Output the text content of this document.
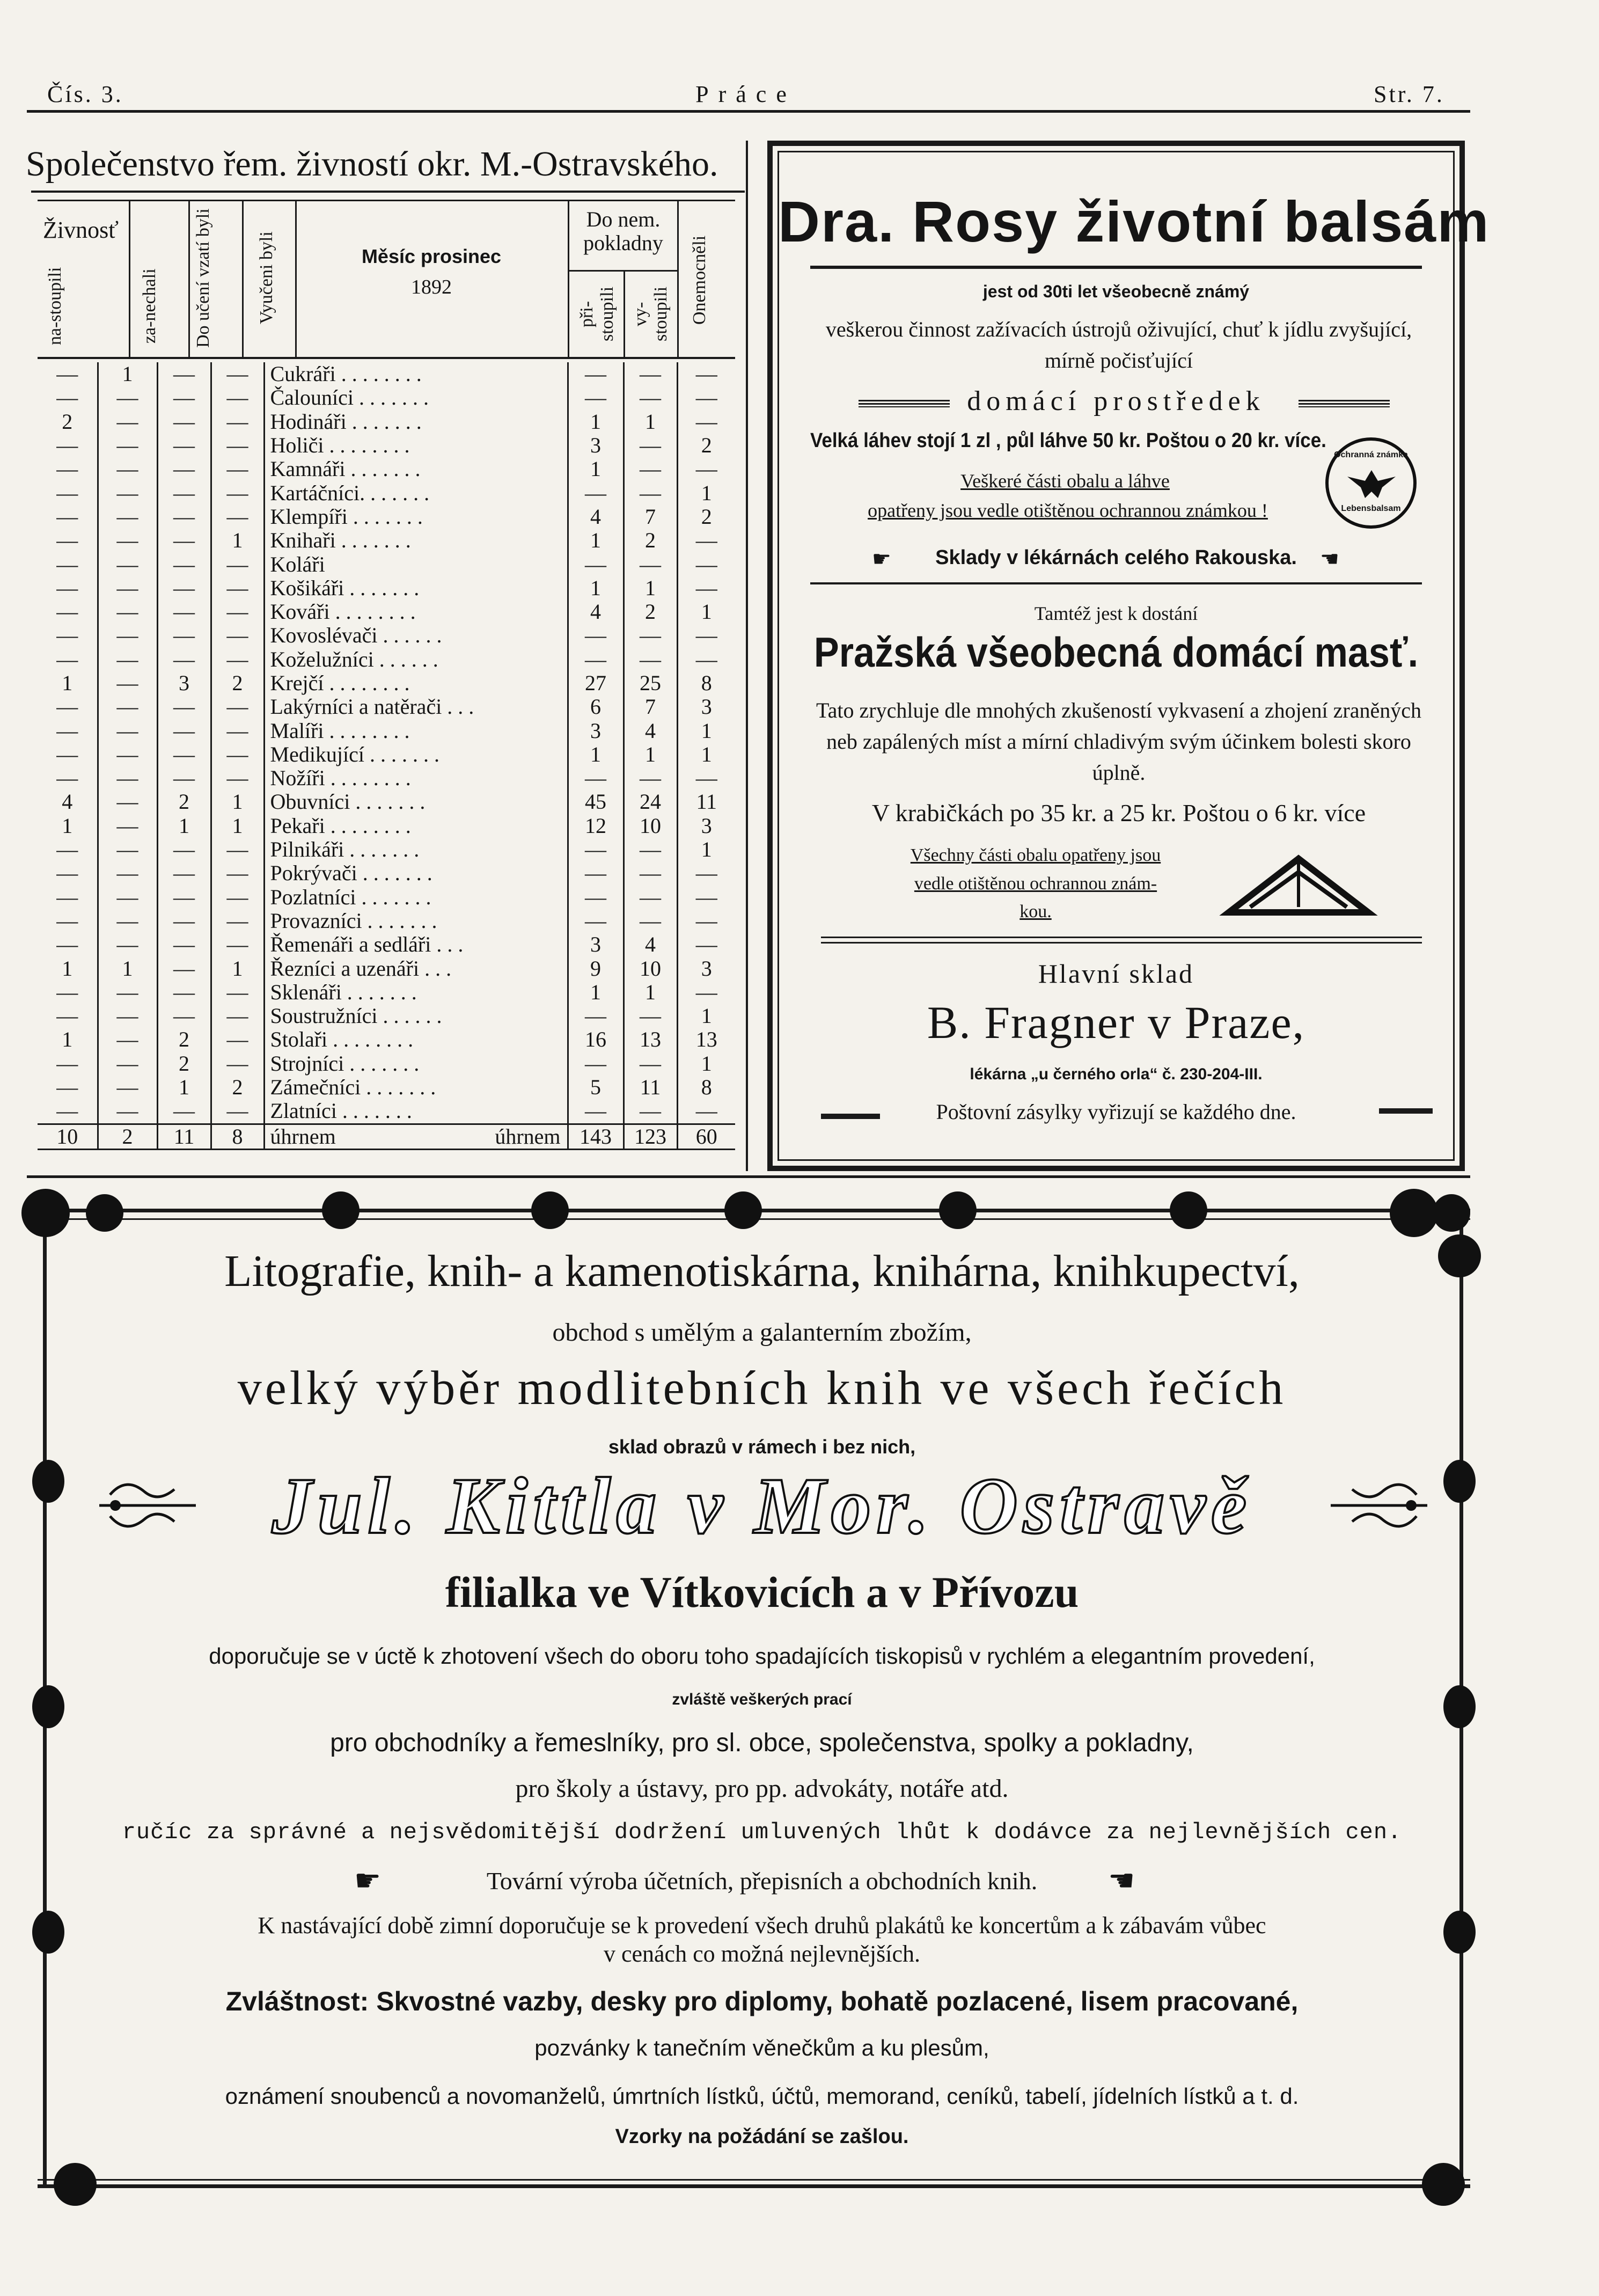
Čís. 3.	Práce	Str. 7.
Společenstvo řem. živností okr. M.-Ostravského.
Živnosť
na-stoupili	za-nechali	Do učení vzatí byli	Vyučeni byli	Měsíc prosinec
1892
Do nem. pokladny
při-stoupili vy-stoupili Onemocněli
—	1	—	—	Cukráři . . . . . . . .	—	—	—
—	—	—	—	Čalouníci . . . . . . .	—	—	—
2	—	—	—	Hodináři . . . . . . .	1	1	—
—	—	—	—	Holiči . . . . . . . .	3	—	2
—	—	—	—	Kamnáři . . . . . . .	1	—	—
—	—	—	—	Kartáčníci. . . . . . .	—	—	1
—	—	—	—	Klempíři . . . . . . .	4	7	2
—	—	—	1	Knihaři . . . . . . .	1	2	—
—	—	—	—	Koláři	—	—	—
—	—	—	—	Košikáři . . . . . . .	1	1	—
—	—	—	—	Kováři . . . . . . . .	4	2	1
—	—	—	—	Kovoslévači . . . . . .	—	—	—
—	—	—	—	Koželužníci . . . . . .	—	—	—
1	—	3	2	Krejčí . . . . . . . .	27	25	8
—	—	—	—	Lakýrníci a natěrači . . .	6	7	3
—	—	—	—	Malíři . . . . . . . .	3	4	1
—	—	—	—	Medikující . . . . . . .	1	1	1
—	—	—	—	Nožíři . . . . . . . .	—	—	—
4	—	2	1	Obuvníci . . . . . . .	45	24	11
1	—	1	1	Pekaři . . . . . . . .	12	10	3
—	—	—	—	Pilnikáři . . . . . . .	—	—	1
—	—	—	—	Pokrývači . . . . . . .	—	—	—
—	—	—	—	Pozlatníci . . . . . . .	—	—	—
—	—	—	—	Provazníci . . . . . . .	—	—	—
—	—	—	—	Řemenáři a sedláři . . .	3	4	—
1	1	—	1	Řezníci a uzenáři . . .	9	10	3
—	—	—	—	Sklenáři . . . . . . .	1	1	—
—	—	—	—	Soustružníci . . . . . .	—	—	1
1	—	2	—	Stolaři . . . . . . . .	16	13	13
—	—	2	—	Strojníci . . . . . . .	—	—	1
—	—	1	2	Zámečníci . . . . . . .	5	11	8
—	—	—	—	Zlatníci . . . . . . .	—	—	—
10	2	11	8	úhrnem úhrnem	143	123	60
Dra. Rosy životní balsám
jest od 30ti let všeobecně známý
veškerou činnost zažívacích ústrojů oživující, chuť k jídlu zvyšující, mírně počisťující
domácí prostředek
Velká láhev stojí 1 zl , půl láhve 50 kr. Poštou o 20 kr. více.
Veškeré části obalu a láhve
opatřeny jsou vedle otištěnou ochrannou známkou !
Ochranná známka
Lebensbalsam
☛	Sklady v lékárnách celého Rakouska.	☚
Tamtéž jest k dostání
Pražská všeobecná domácí masť.
Tato zrychluje dle mnohých zkušeností vykvasení a zhojení zraněných neb zapálených míst a mírní chladivým svým účinkem bolesti skoro úplně.
V krabičkách po 35 kr. a 25 kr. Poštou o 6 kr. více
Všechny části obalu opatřeny jsou
vedle otištěnou ochrannou znám-
kou.
Hlavní sklad
B. Fragner v Praze,
lékárna „u černého orla“ č. 230-204-III.
Poštovní zásylky vyřizují se každého dne.
Litografie, knih- a kamenotiskárna, knihárna, knihkupectví,
obchod s umělým a galanterním zbožím,
velký výběr modlitebních knih ve všech řečích
sklad obrazů v rámech i bez nich,
Jul. Kittla v Mor. Ostravě
filialka ve Vítkovicích a v Přívozu
doporučuje se v úctě k zhotovení všech do oboru toho spadajících tiskopisů v rychlém a elegantním provedení,
zvláště veškerých prací
pro obchodníky a řemeslníky, pro sl. obce, společenstva, spolky a pokladny,
pro školy a ústavy, pro pp. advokáty, notáře atd.
ručíc za správné a nejsvědomitější dodržení umluvených lhůt k dodávce za nejlevnějších cen.
☛	Tovární výroba účetních, přepisních a obchodních knih.	☚
K nastávající době zimní doporučuje se k provedení všech druhů plakátů ke koncertům a k zábavám vůbec
v cenách co možná nejlevnějších.
Zvláštnost: Skvostné vazby, desky pro diplomy, bohatě pozlacené, lisem pracované,
pozvánky k tanečním věnečkům a ku plesům,
oznámení snoubenců a novomanželů, úmrtních lístků, účtů, memorand, ceníků, tabelí, jídelních lístků a t. d.
Vzorky na požádání se zašlou.
